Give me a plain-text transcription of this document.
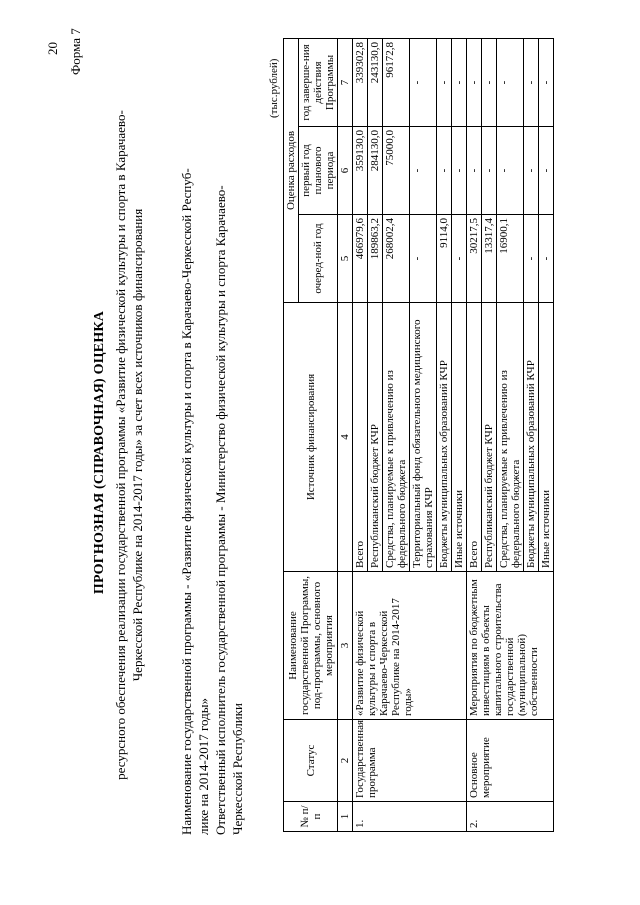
20 Форма 7
ПРОГНОЗНАЯ (СПРАВОЧНАЯ) ОЦЕНКА ресурсного обеспечения реализации государственной программы «Развитие физической культуры и спорта в Карачаево- Черкесской Республике на 2014-2017 годы» за счет всех источников финансирования	Наименование государственной программы - «Развитие физической культуры и спорта в Карачаево-Черкесской Респуб- лике на 2014-2017 годы» Ответственный исполнитель государственной программы - Министерство физической культуры и спорта Карачаево- Черкесской Республики
(тыс.рублей)
№ п/п	Статус	Наименование государственной Программы, под-программы, основного мероприятия	Источник финансирования	Оценка расходов		
				очеред-ной год	первый год планового периода	год заверше-ния действия Программы
1	2	3	4	5	6	7
1.	Государственная программа	«Развитие физической культуры и спорта в Карачаево-Черкесской Республике на 2014-2017 годы»	Всего	466979,6	359130,0	339302,8
			Республиканский бюджет КЧР	189863,2	284130,0	243130,0
			Средства, планируемые к привлечению из федерального бюджета	268002,4	75000,0	96172,8
			Территориальный фонд обязательного медицинского страхования КЧР	-	-	-
			Бюджеты муниципальных образований КЧР	9114,0	-	-
			Иные источники	-	-	-
2.	Основное мероприятие	Мероприятия по бюджетным инвестициям в объекты капитального строительства государственной (муниципальной) собственности	Всего	30217,5	-	-
			Республиканский бюджет КЧР	13317,4	-	-
			Средства, планируемые к привлечению из федерального бюджета	16900,1	-	-
			Бюджеты муниципальных образований КЧР	-	-	-
			Иные источники	-	-	-
